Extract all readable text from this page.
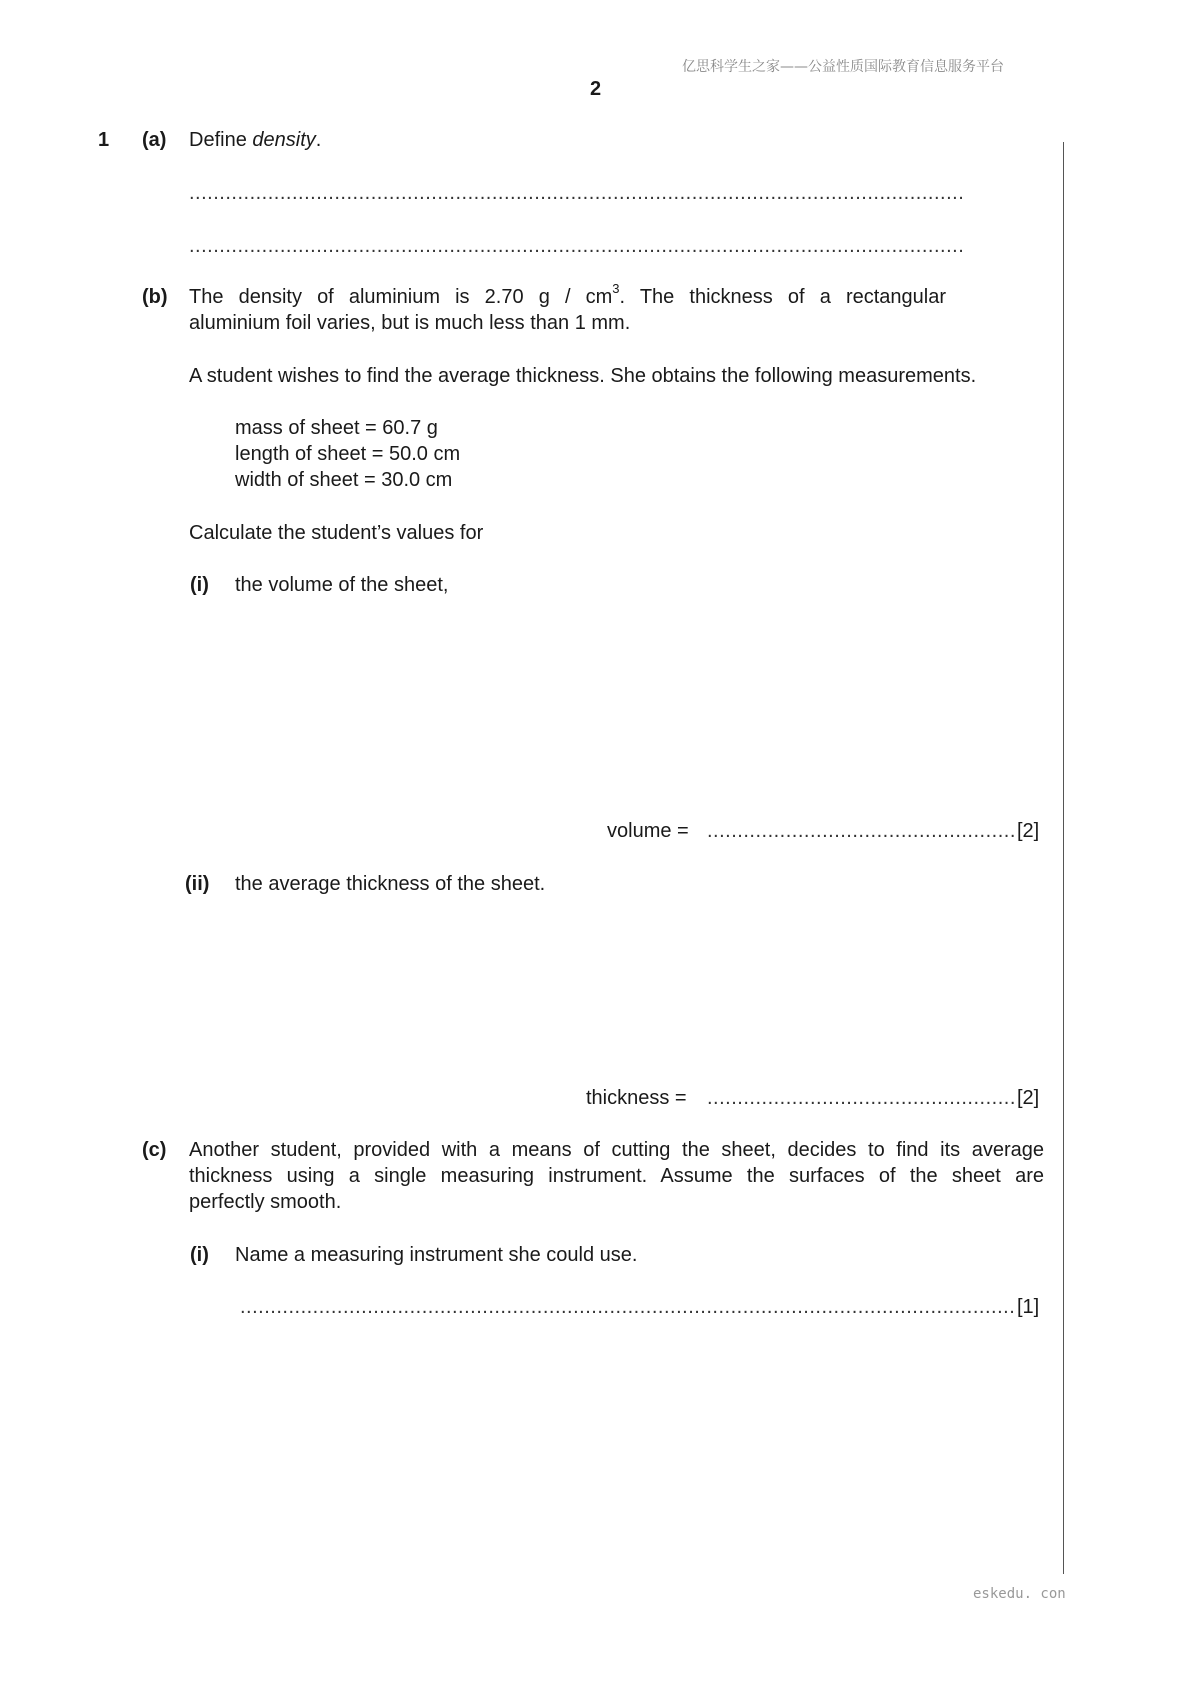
亿思科学生之家——公益性质国际教育信息服务平台
2
1 (a) Define density.
.....
.....
(b) The density of aluminium is 2.70 g / $cm^3$. The thickness of a rectangular
aluminium foil varies, but is much less than 1 mm.
A student wishes to find the average thickness. She obtains the following measurements.
mass of sheet = 60.7 g
length of sheet = 50.0 cm
width of sheet = 30.0 cm
Calculate the student’s values for
(i) the volume of the sheet,
volume = .....	[2]
(ii) the average thickness of the sheet.
thickness = .....	[2]
(c) Another student, provided with a means of cutting the sheet, decides to find its average
thickness using a single measuring instrument. Assume the surfaces of the sheet are
perfectly smooth.
(i) Name a measuring instrument she could use.
.....
[1]
eskedu. con
